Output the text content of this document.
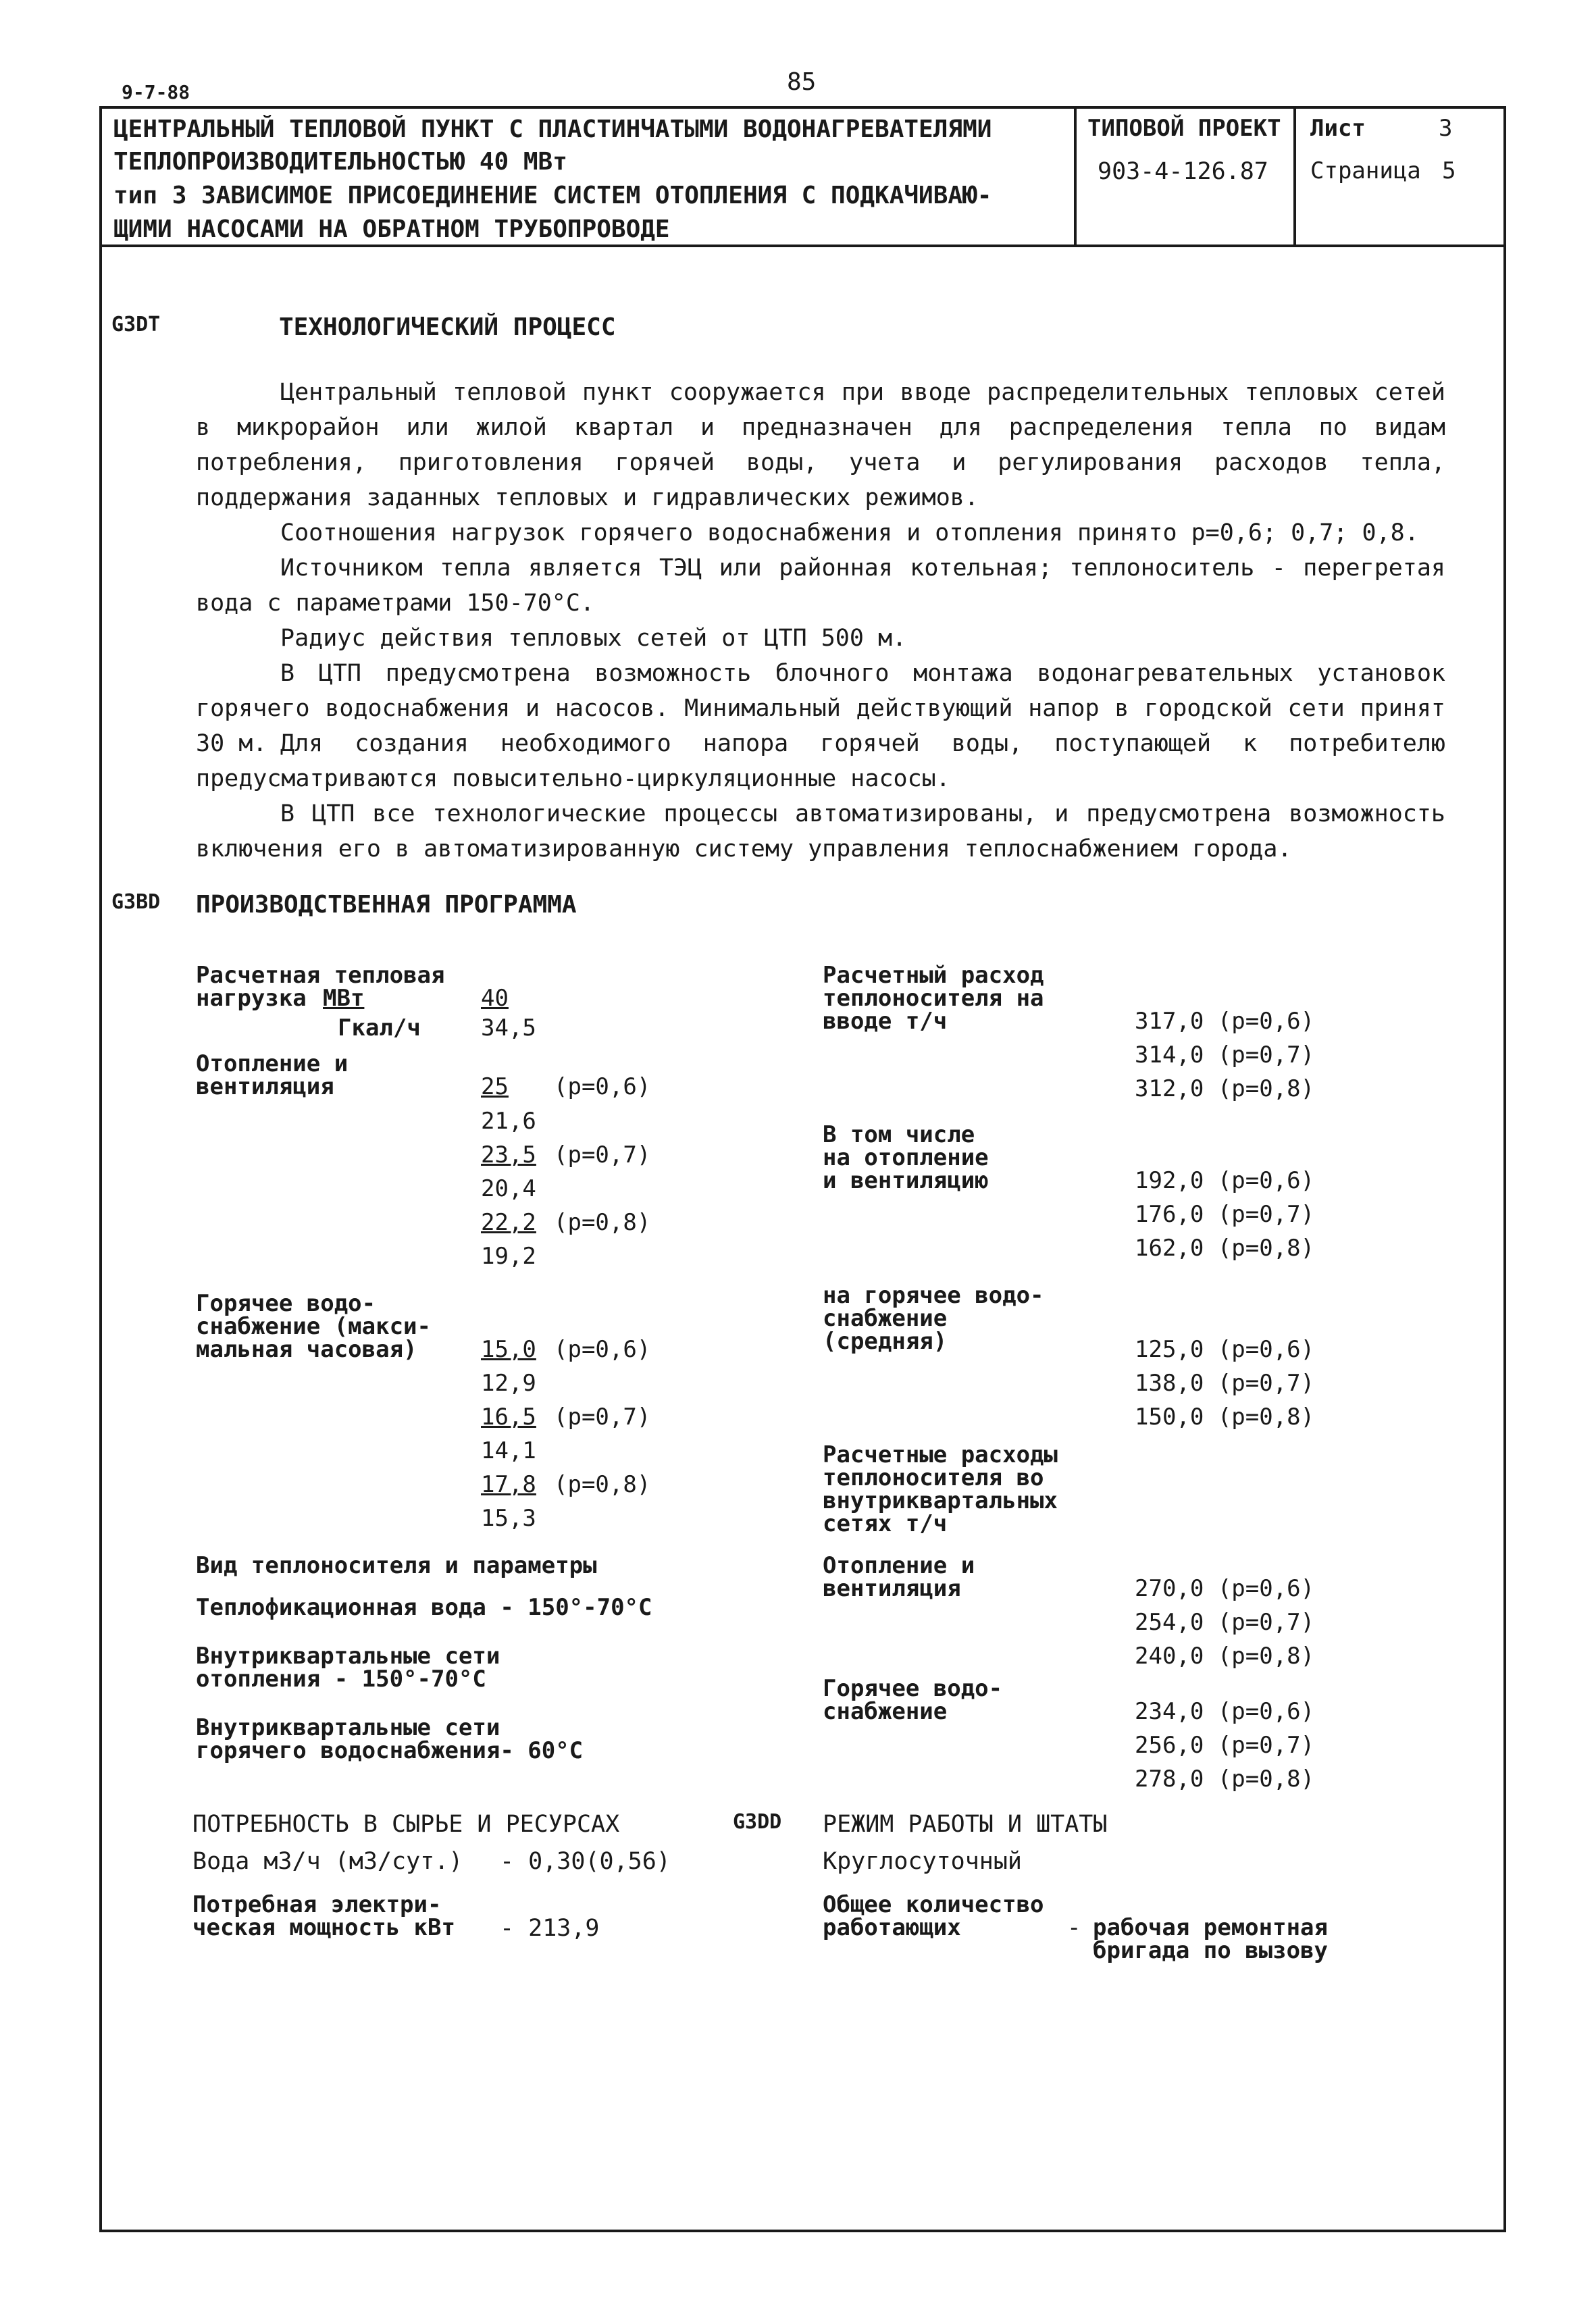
9-7-88	85
ЦЕНТРАЛЬНЫЙ ТЕПЛОВОЙ ПУНКТ С ПЛАСТИНЧАТЫМИ ВОДОНАГРЕВАТЕЛЯМИ
ТЕПЛОПРОИЗВОДИТЕЛЬНОСТЬЮ 40 МВт
тип 3 ЗАВИСИМОЕ ПРИСОЕДИНЕНИЕ СИСТЕМ ОТОПЛЕНИЯ С ПОДКАЧИВАЮ-
ЩИМИ НАСОСАМИ НА ОБРАТНОМ ТРУБОПРОВОДЕ
ТИПОВОЙ ПРОЕКТ
903-4-126.87
Лист	3
Страница 5
G3DT	ТЕХНОЛОГИЧЕСКИЙ ПРОЦЕСС
Центральный тепловой пункт сооружается при вводе распределительных тепловых сетей в микрорайон или жилой квартал и предназначен для распределения тепла по видам потребления, приготовления горячей воды, учета и регулирования расходов тепла, поддержания заданных тепловых и гидравлических режимов.
Соотношения нагрузок горячего водоснабжения и отопления принято р=0,6; 0,7; 0,8.
Источником тепла является ТЭЦ или районная котельная; теплоноситель - перегретая вода с параметрами 150-70°С.
Радиус действия тепловых сетей от ЦТП 500 м.
В ЦТП предусмотрена возможность блочного монтажа водонагревательных установок горячего водоснабжения и насосов. Минимальный действующий напор в городской сети принят 30 м. Для создания необходимого напора горячей воды, поступающей к потребителю предусматриваются повысительно-циркуляционные насосы.
В ЦТП все технологические процессы автоматизированы, и предусмотрена возможность включения его в автоматизированную систему управления теплоснабжением города.
G3BD ПРОИЗВОДСТВЕННАЯ ПРОГРАММА
Расчетная тепловая
нагрузка МВт	40
Гкал/ч	34,5
Отопление и
вентиляция	25 (р=0,6)
21,6
23,5 (р=0,7)
20,4
22,2 (р=0,8)
19,2
Горячее водо-
снабжение (макси-
мальная часовая)	15,0 (р=0,6)
12,9
16,5 (р=0,7)
14,1
17,8 (р=0,8)
15,3
Вид теплоносителя и параметры
Теплофикационная вода - 150°-70°С
Внутриквартальные сети
отопления - 150°-70°С
Внутриквартальные сети
горячего водоснабжения- 60°С
Расчетный расход
теплоносителя на
вводе т/ч	317,0 (р=0,6)
314,0 (р=0,7)
312,0 (р=0,8)
В том числе
на отопление
и вентиляцию	192,0 (р=0,6)
176,0 (р=0,7)
162,0 (р=0,8)
на горячее водо-
снабжение
(средняя)	125,0 (р=0,6)
138,0 (р=0,7)
150,0 (р=0,8)
Расчетные расходы
теплоносителя во
внутриквартальных
сетях т/ч
Отопление и
вентиляция	270,0 (р=0,6)
254,0 (р=0,7)
240,0 (р=0,8)
Горячее водо-
снабжение	234,0 (р=0,6)
256,0 (р=0,7)
278,0 (р=0,8)
ПОТРЕБНОСТЬ В СЫРЬЕ И РЕСУРСАХ
Вода м3/ч (м3/сут.) - 0,30(0,56)
Потребная электри-
ческая мощность кВт - 213,9
G3DD РЕЖИМ РАБОТЫ И ШТАТЫ
Круглосуточный
Общее количество
работающих	- рабочая ремонтная
бригада по вызову
